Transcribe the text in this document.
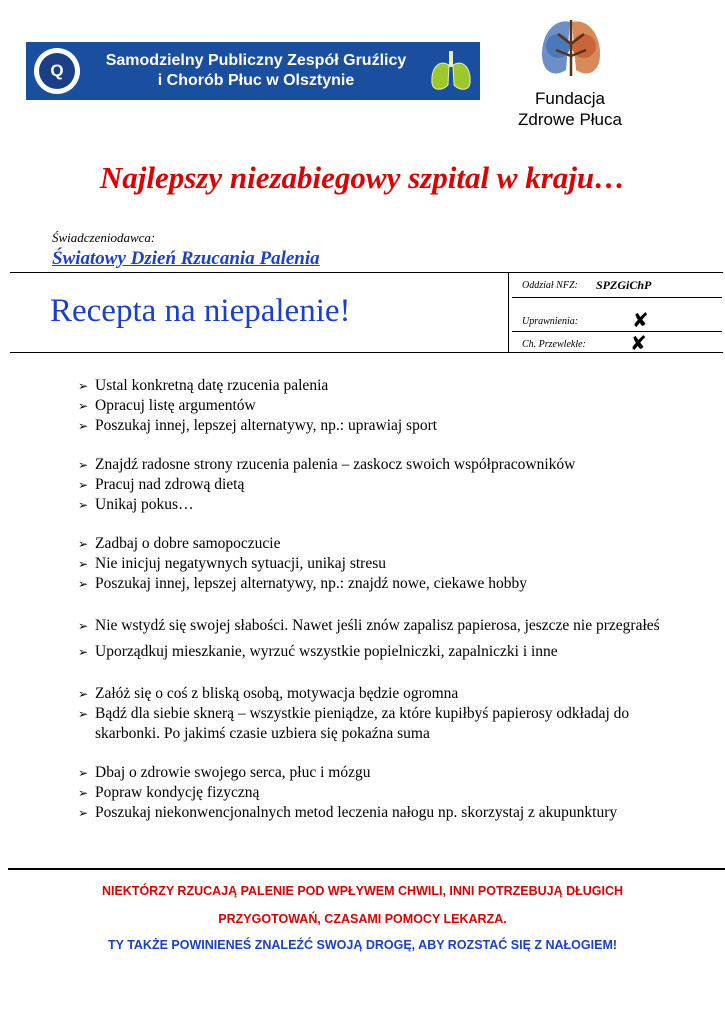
Q
Samodzielny Publiczny Zespół Gruźlicy
i Chorób Płuc w Olsztynie
Fundacja
Zdrowe Płuca
Najlepszy niezabiegowy szpital w kraju…
Świadczeniodawca:
Światowy Dzień Rzucania Palenia
Recepta na niepalenie!
Oddział NFZ: SPZGiChP
Uprawnienia:	✘
Ch. Przewlekłe: ✘
➢ Ustal konkretną datę rzucenia palenia
➢ Opracuj listę argumentów
➢ Poszukaj innej, lepszej alternatywy, np.: uprawiaj sport
➢ Znajdź radosne strony rzucenia palenia – zaskocz swoich współpracowników
➢ Pracuj nad zdrową dietą
➢ Unikaj pokus…
➢ Zadbaj o dobre samopoczucie
➢ Nie inicjuj negatywnych sytuacji, unikaj stresu
➢ Poszukaj innej, lepszej alternatywy, np.: znajdź nowe, ciekawe hobby
➢ Nie wstydź się swojej słabości. Nawet jeśli znów zapalisz papierosa, jeszcze nie przegrałeś
➢ Uporządkuj mieszkanie, wyrzuć wszystkie popielniczki, zapalniczki i inne
➢ Załóż się o coś z bliską osobą, motywacja będzie ogromna
➢ Bądź dla siebie sknerą – wszystkie pieniądze, za które kupiłbyś papierosy odkładaj do skarbonki. Po jakimś czasie uzbiera się pokaźna suma
➢ Dbaj o zdrowie swojego serca, płuc i mózgu
➢ Popraw kondycję fizyczną
➢ Poszukaj niekonwencjonalnych metod leczenia nałogu np. skorzystaj z akupunktury
NIEKTÓRZY RZUCAJĄ PALENIE POD WPŁYWEM CHWILI, INNI POTRZEBUJĄ DŁUGICH
PRZYGOTOWAŃ, CZASAMI POMOCY LEKARZA.
TY TAKŻE POWINIENEŚ ZNALEŹĆ SWOJĄ DROGĘ, ABY ROZSTAĆ SIĘ Z NAŁOGIEM!
